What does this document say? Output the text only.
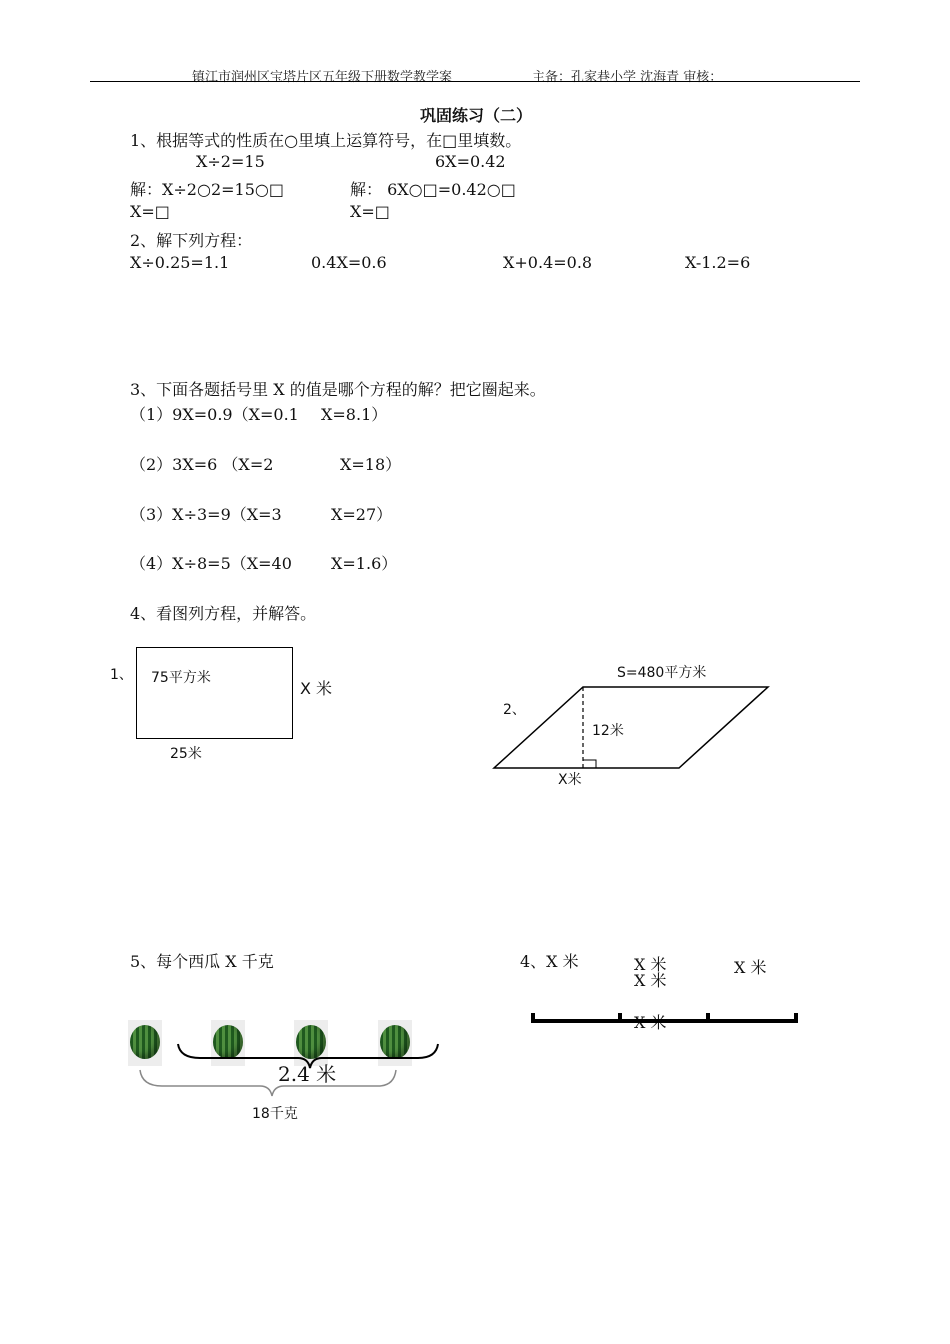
镇江市润州区宝塔片区五年级下册数学教学案	主备：孔家巷小学 沈海青 审核：
巩固练习（二）
1、根据等式的性质在○里填上运算符号，在□里填数。
X÷2=15	6X=0.42
解：X÷2○2=15○□	解： 6X○□=0.42○□
X=□	X=□
2、解下列方程：
X÷0.25=1.1	0.4X=0.6	X+0.4=0.8	X-1.2=6
3、下面各题括号里 X 的值是哪个方程的解？把它圈起来。
（1）9X=0.9（X=0.1 X=8.1）
（2）3X=6 （X=2	X=18）
（3）X÷3=9（X=3	X=27）
（4）X÷8=5（X=40 X=1.6）
4、看图列方程，并解答。
1、 75平方米
X 米
25米
2、
S=480平方米
12米
X米
5、每个西瓜 X 千克	4、X 米	X 米
X 米
X 米
X 米
2.4 米
18千克
